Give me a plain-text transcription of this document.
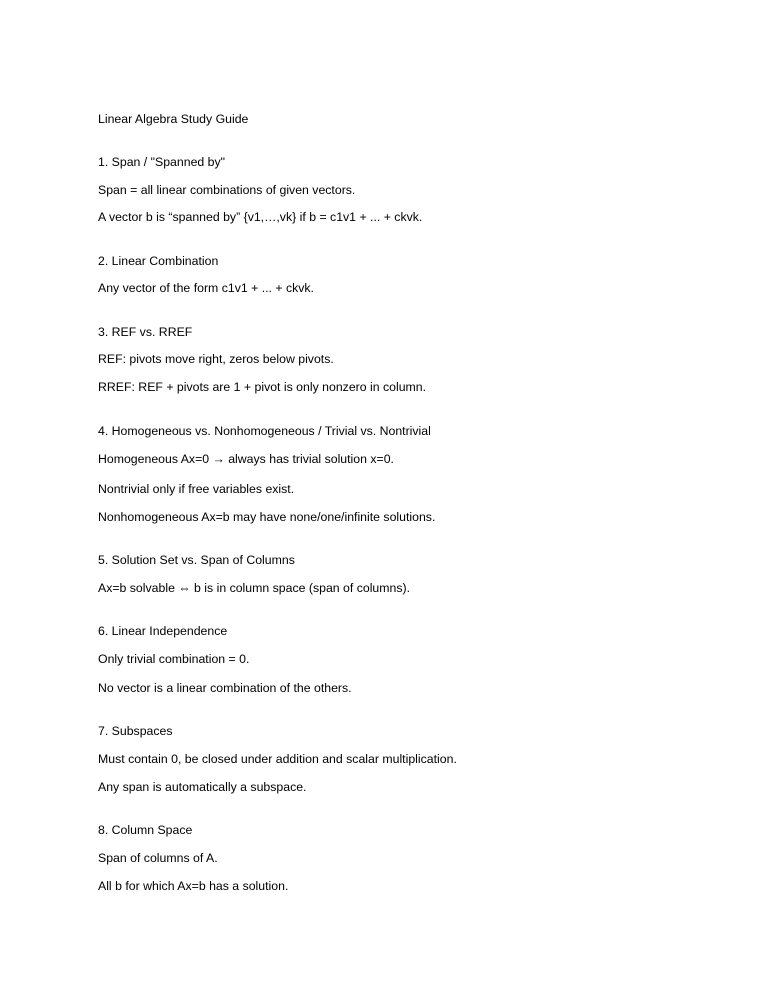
Linear Algebra Study Guide
1. Span / "Spanned by"
Span = all linear combinations of given vectors.
A vector b is “spanned by” {v1,…,vk} if b = c1v1 + ... + ckvk.
2. Linear Combination
Any vector of the form c1v1 + ... + ckvk.
3. REF vs. RREF
REF: pivots move right, zeros below pivots.
RREF: REF + pivots are 1 + pivot is only nonzero in column.
4. Homogeneous vs. Nonhomogeneous / Trivial vs. Nontrivial
Homogeneous Ax=0 → always has trivial solution x=0.
Nontrivial only if free variables exist.
Nonhomogeneous Ax=b may have none/one/infinite solutions.
5. Solution Set vs. Span of Columns
Ax=b solvable ⇔ b is in column space (span of columns).
6. Linear Independence
Only trivial combination = 0.
No vector is a linear combination of the others.
7. Subspaces
Must contain 0, be closed under addition and scalar multiplication.
Any span is automatically a subspace.
8. Column Space
Span of columns of A.
All b for which Ax=b has a solution.
